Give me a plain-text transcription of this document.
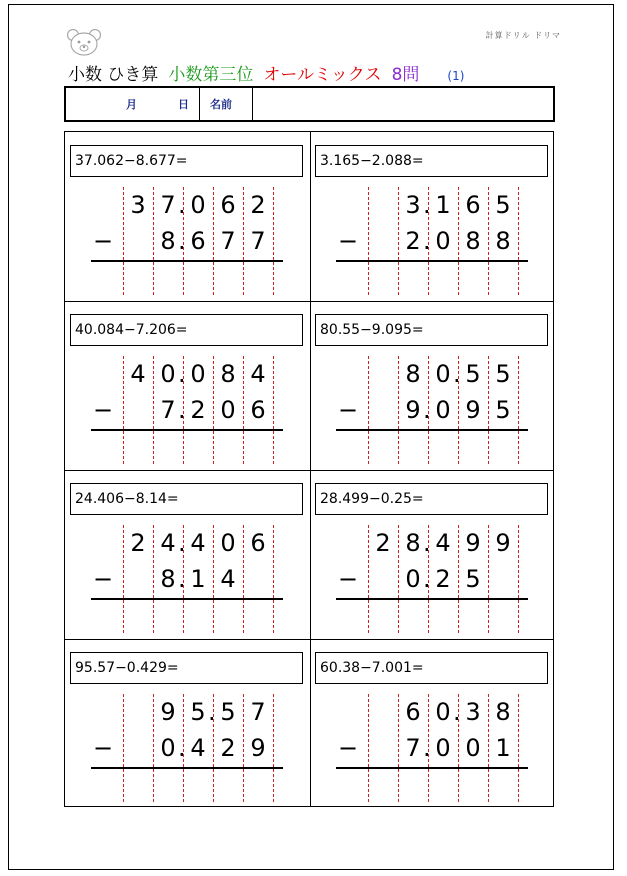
計算ドリル ドリマ
小数 ひき算 小数第三位 オールミックス 8問 (1)
月	日 名前
37.062−8.677=
3 7 0 6 2
.
8 6 7 7
.
−
3.165−2.088=
3 1 6 5
.
2 0 8 8
.
−
40.084−7.206=
4 0 0 8 4
.
7 2 0 6
.
−
80.55−9.095=
8 0 5 5
.
9 0 9 5
.
−
24.406−8.14=
2 4 4 0 6
.
8 1 4
.
−
28.499−0.25=
2 8 4 9 9
.
0 2 5
.
−
95.57−0.429=
9 5 5 7
.
0 4 2 9
.
−
60.38−7.001=
6 0 3 8
.
7 0 0 1
.
−
